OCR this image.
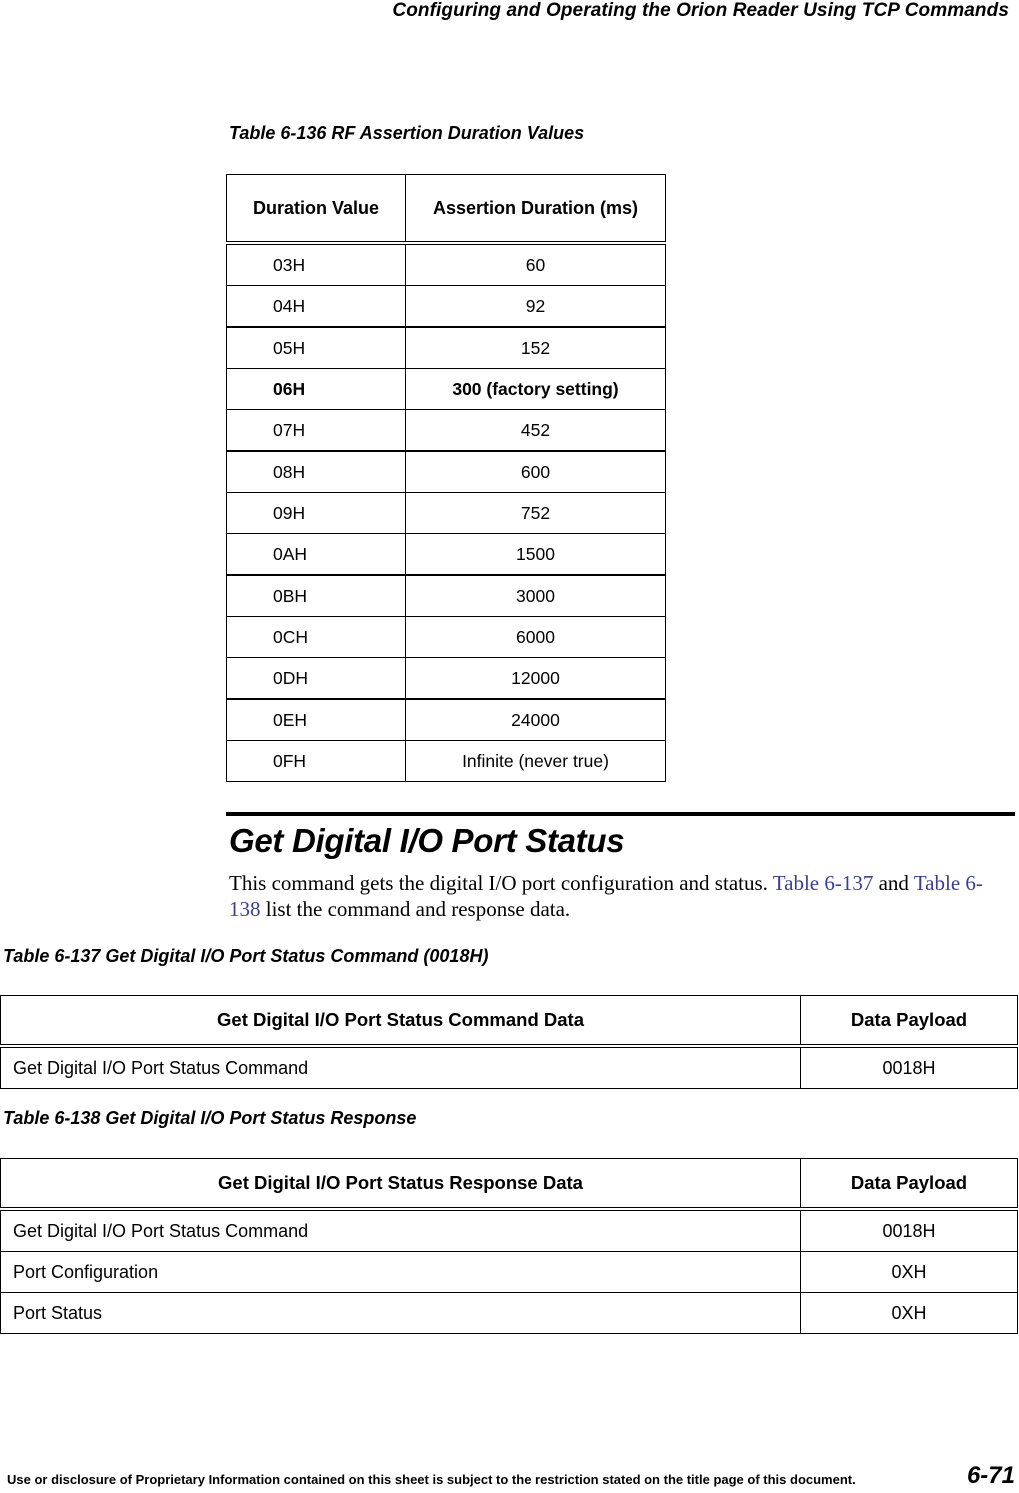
Configuring and Operating the Orion Reader Using TCP Commands
Table 6-136 RF Assertion Duration Values
Duration Value	Assertion Duration (ms)
03H	60
04H	92
05H	152
06H	300 (factory setting)
07H	452
08H	600
09H	752
0AH	1500
0BH	3000
0CH	6000
0DH	12000
0EH	24000
0FH	Infinite (never true)
Get Digital I/O Port Status
This command gets the digital I/O port configuration and status. Table 6-137 and Table 6-138 list the command and response data.
Table 6-137 Get Digital I/O Port Status Command (0018H)
Get Digital I/O Port Status Command Data	Data Payload
Get Digital I/O Port Status Command	0018H
Table 6-138 Get Digital I/O Port Status Response
Get Digital I/O Port Status Response Data	Data Payload
Get Digital I/O Port Status Command	0018H
Port Configuration	0XH
Port Status	0XH
Use or disclosure of Proprietary Information contained on this sheet is subject to the restriction stated on the title page of this document.	6-71
